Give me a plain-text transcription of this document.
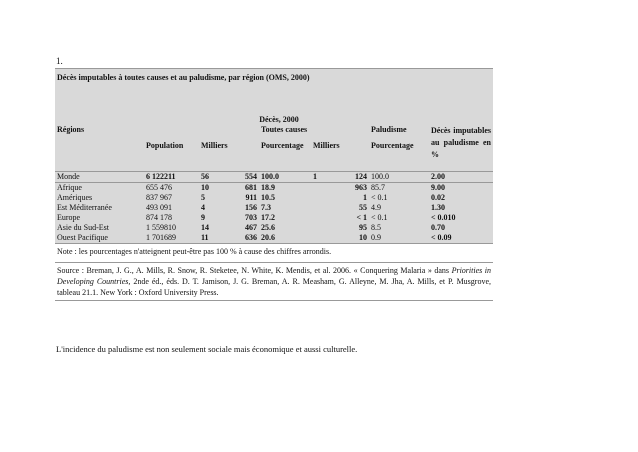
1.
Décès imputables à toutes causes et au paludisme, par région (OMS, 2000)								
			Décès, 2000					
Régions				Toutes causes			Paludisme	Décès imputables au paludisme en %
	Population	Milliers		Pourcentage	Milliers		Pourcentage	
Monde	6 122211	56	554	100.0	1	124	100.0	2.00
Afrique	655 476	10	681	18.9		963	85.7	9.00
Amériques	837 967	5	911	10.5		1	< 0.1	0.02
Est Méditerranée	493 091	4	156	7.3		55	4.9	1.30
Europe	874 178	9	703	17.2		< 1	< 0.1	< 0.010
Asie du Sud-Est	1 559810	14	467	25.6		95	8.5	0.70
Ouest Pacifique	1 701689	11	636	20.6		10	0.9	< 0.09
Note : les pourcentages n'atteignent peut-être pas 100 % à cause des chiffres arrondis.								
Source : Breman, J. G., A. Mills, R. Snow, R. Steketee, N. White, K. Mendis, et al. 2006. « Conquering Malaria » dans Priorities in Developing Countries, 2nde éd., éds. D. T. Jamison, J. G. Breman, A. R. Measham, G. Alleyne, M. Jha, A. Mills, et P. Musgrove, tableau 21.1. New York : Oxford University Press.								
L'incidence du paludisme est non seulement sociale mais économique et aussi culturelle.
